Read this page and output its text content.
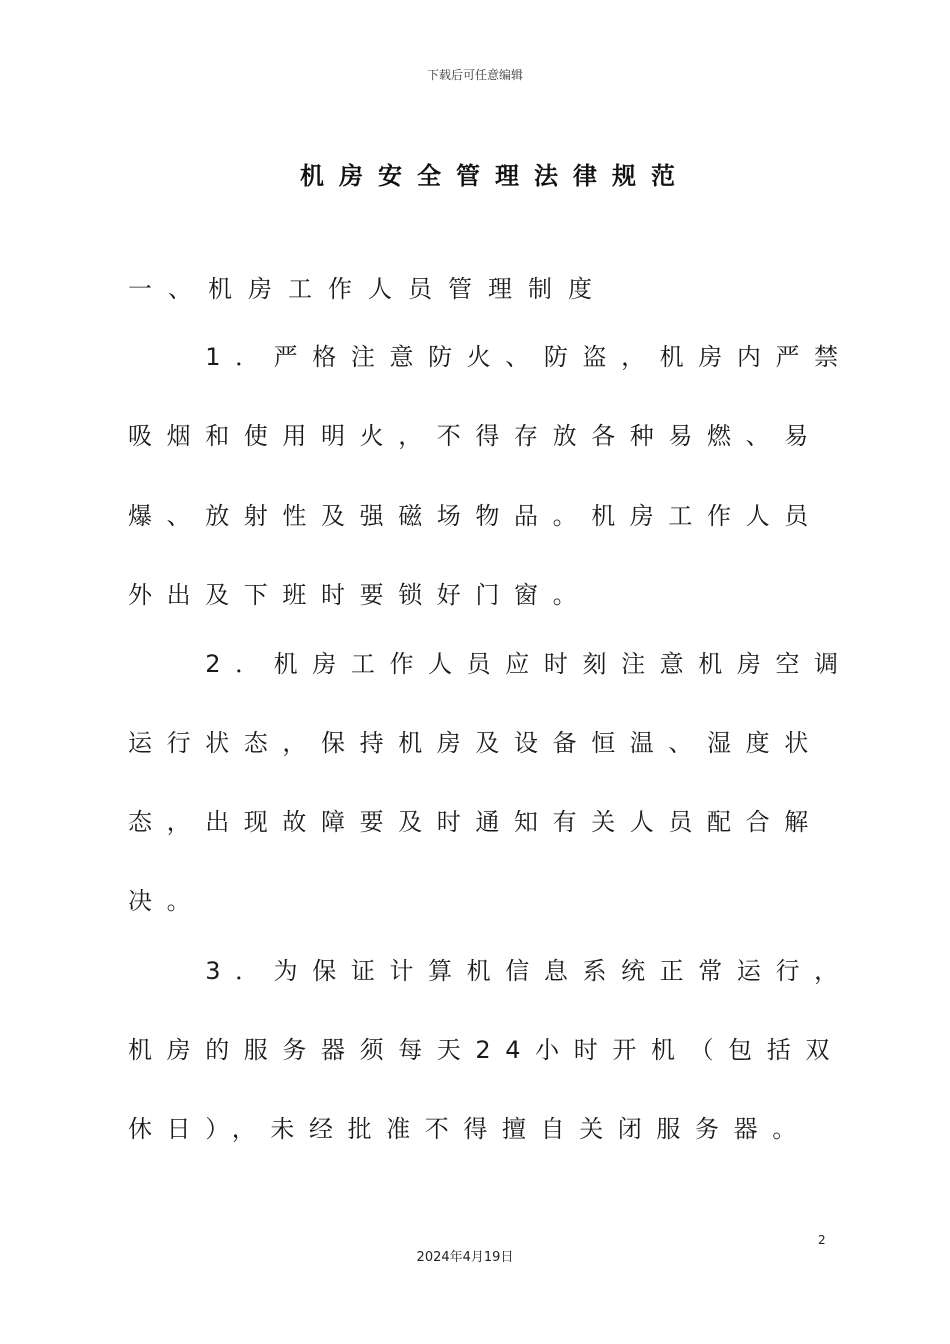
下载后可任意编辑
机房安全管理法律规范
一、机房工作人员管理制度
　　1．严格注意防火、防盗，机房内严禁
吸烟和使用明火，不得存放各种易燃、易
爆、放射性及强磁场物品。机房工作人员
外出及下班时要锁好门窗。
　　2．机房工作人员应时刻注意机房空调
运行状态，保持机房及设备恒温、湿度状
态，出现故障要及时通知有关人员配合解
决。
　　3．为保证计算机信息系统正常运行，
机房的服务器须每天24小时开机（包括双
休日），未经批准不得擅自关闭服务器。
2
2024年4月19日
